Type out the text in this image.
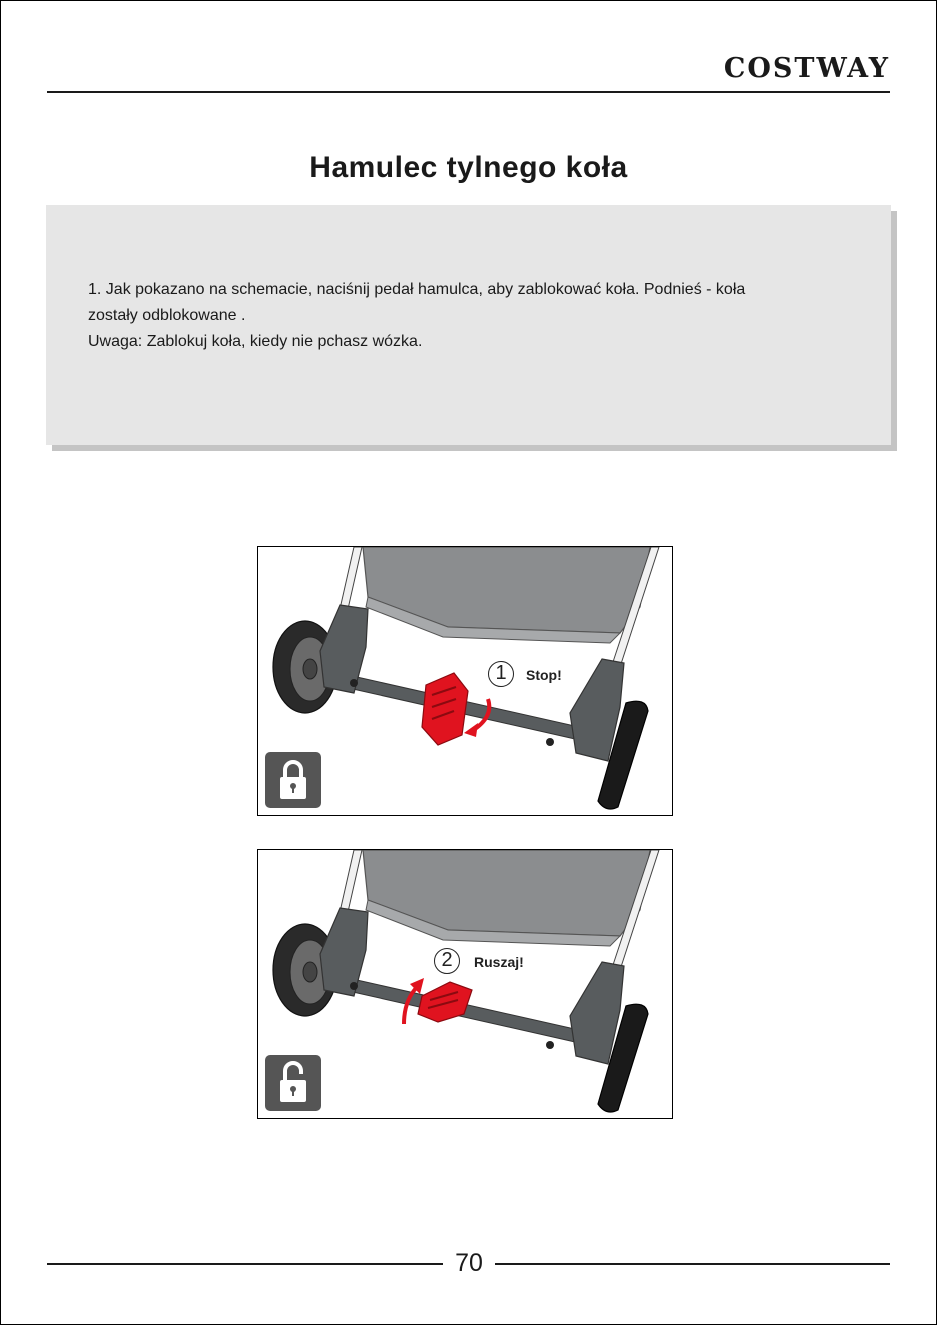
COSTWAY
Hamulec tylnego koła

1. Jak pokazano na schemacie, naciśnij pedał hamulca, aby zablokować koła. Podnieś - koła

zostały odblokowane .

Uwaga: Zablokuj koła, kiedy nie pchasz wózka.

1	Stop!
2	Ruszaj!
70
